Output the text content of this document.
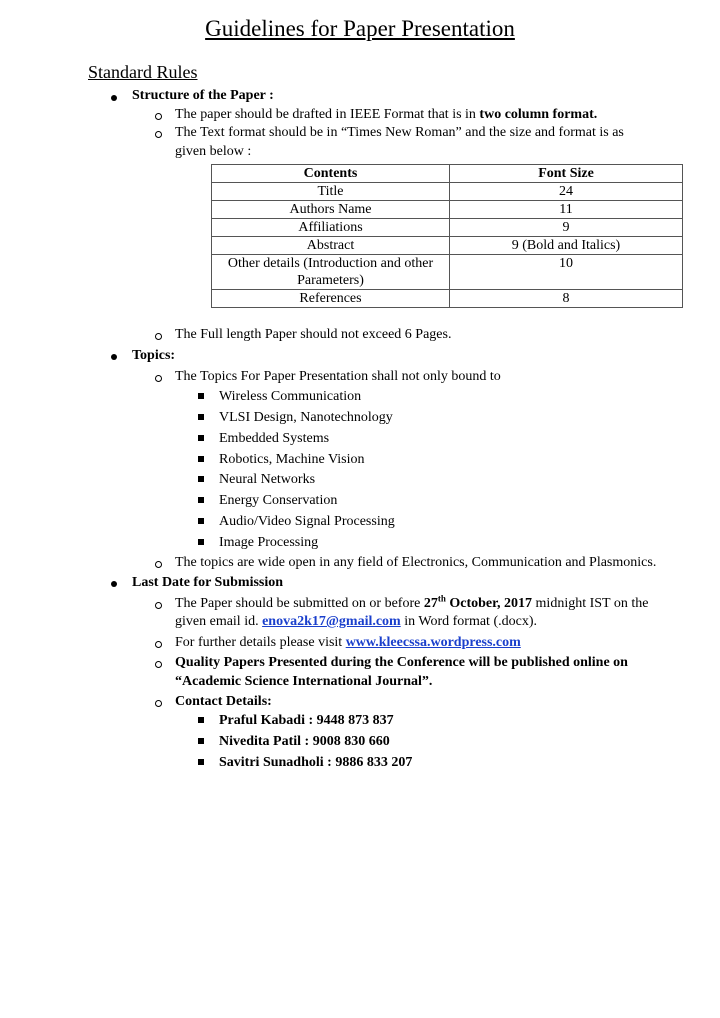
Guidelines for Paper Presentation
Standard Rules
Structure of the Paper :
The paper should be drafted in IEEE Format that is in two column format.
The Text format should be in “Times New Roman” and the size and format is as
given below :
Contents	Font Size
Title	24
Authors Name	11
Affiliations	9
Abstract	9 (Bold and Italics)
Other details (Introduction and other Parameters)	10
References	8
The Full length Paper should not exceed 6 Pages.
Topics:
The Topics For Paper Presentation shall not only bound to
Wireless Communication
VLSI Design, Nanotechnology
Embedded Systems
Robotics, Machine Vision
Neural Networks
Energy Conservation
Audio/Video Signal Processing
Image Processing
The topics are wide open in any field of Electronics, Communication and Plasmonics.
Last Date for Submission
The Paper should be submitted on or before 27th October, 2017 midnight IST on the
given email id. enova2k17@gmail.com in Word format (.docx).
For further details please visit www.kleecssa.wordpress.com
Quality Papers Presented during the Conference will be published online on
“Academic Science International Journal”.
Contact Details:
Praful Kabadi : 9448 873 837
Nivedita Patil : 9008 830 660
Savitri Sunadholi : 9886 833 207
